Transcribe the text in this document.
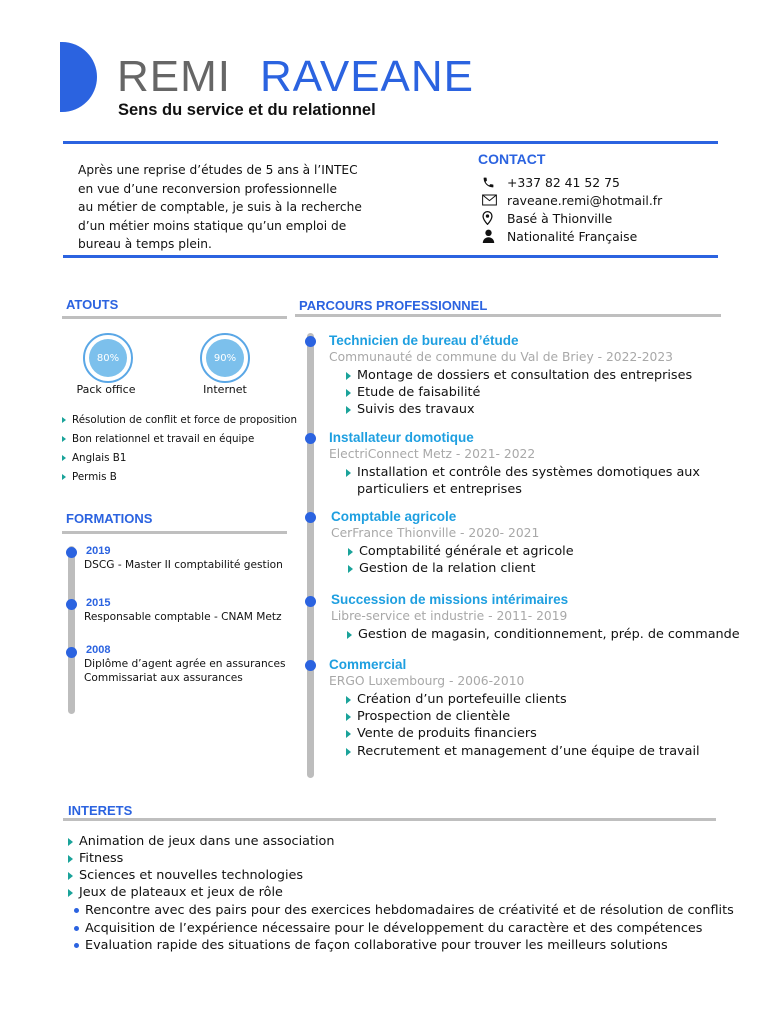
REMI RAVEANE
Sens du service et du relationnel
Après une reprise d’études de 5 ans à l’INTEC
en vue d’une reconversion professionnelle
au métier de comptable, je suis à la recherche
d’un métier moins statique qu’un emploi de
bureau à temps plein.
CONTACT
+337 82 41 52 75
raveane.remi@hotmail.fr
Basé à Thionville
Nationalité Française
ATOUTS
80%
Pack office
90%
Internet
Résolution de conflit et force de proposition
Bon relationnel et travail en équipe
Anglais B1
Permis B
FORMATIONS
2019
DSCG - Master II comptabilité gestion
2015
Responsable comptable - CNAM Metz
2008
Diplôme d’agent agrée en assurances
Commissariat aux assurances
PARCOURS PROFESSIONNEL
Technicien de bureau d’étude
Communauté de commune du Val de Briey - 2022-2023
Montage de dossiers et consultation des entreprises
Etude de faisabilité
Suivis des travaux
Installateur domotique
ElectriConnect Metz - 2021- 2022
Installation et contrôle des systèmes domotiques aux particuliers et entreprises
Comptable agricole
CerFrance Thionville - 2020- 2021
Comptabilité générale et agricole
Gestion de la relation client
Succession de missions intérimaires
Libre-service et industrie - 2011- 2019
Gestion de magasin, conditionnement, prép. de commande
Commercial
ERGO Luxembourg - 2006-2010
Création d’un portefeuille clients
Prospection de clientèle
Vente de produits financiers
Recrutement et management d’une équipe de travail
INTERETS
Animation de jeux dans une association
Fitness
Sciences et nouvelles technologies
Jeux de plateaux et jeux de rôle
Rencontre avec des pairs pour des exercices hebdomadaires de créativité et de résolution de conflits
Acquisition de l’expérience nécessaire pour le développement du caractère et des compétences
Evaluation rapide des situations de façon collaborative pour trouver les meilleurs solutions
